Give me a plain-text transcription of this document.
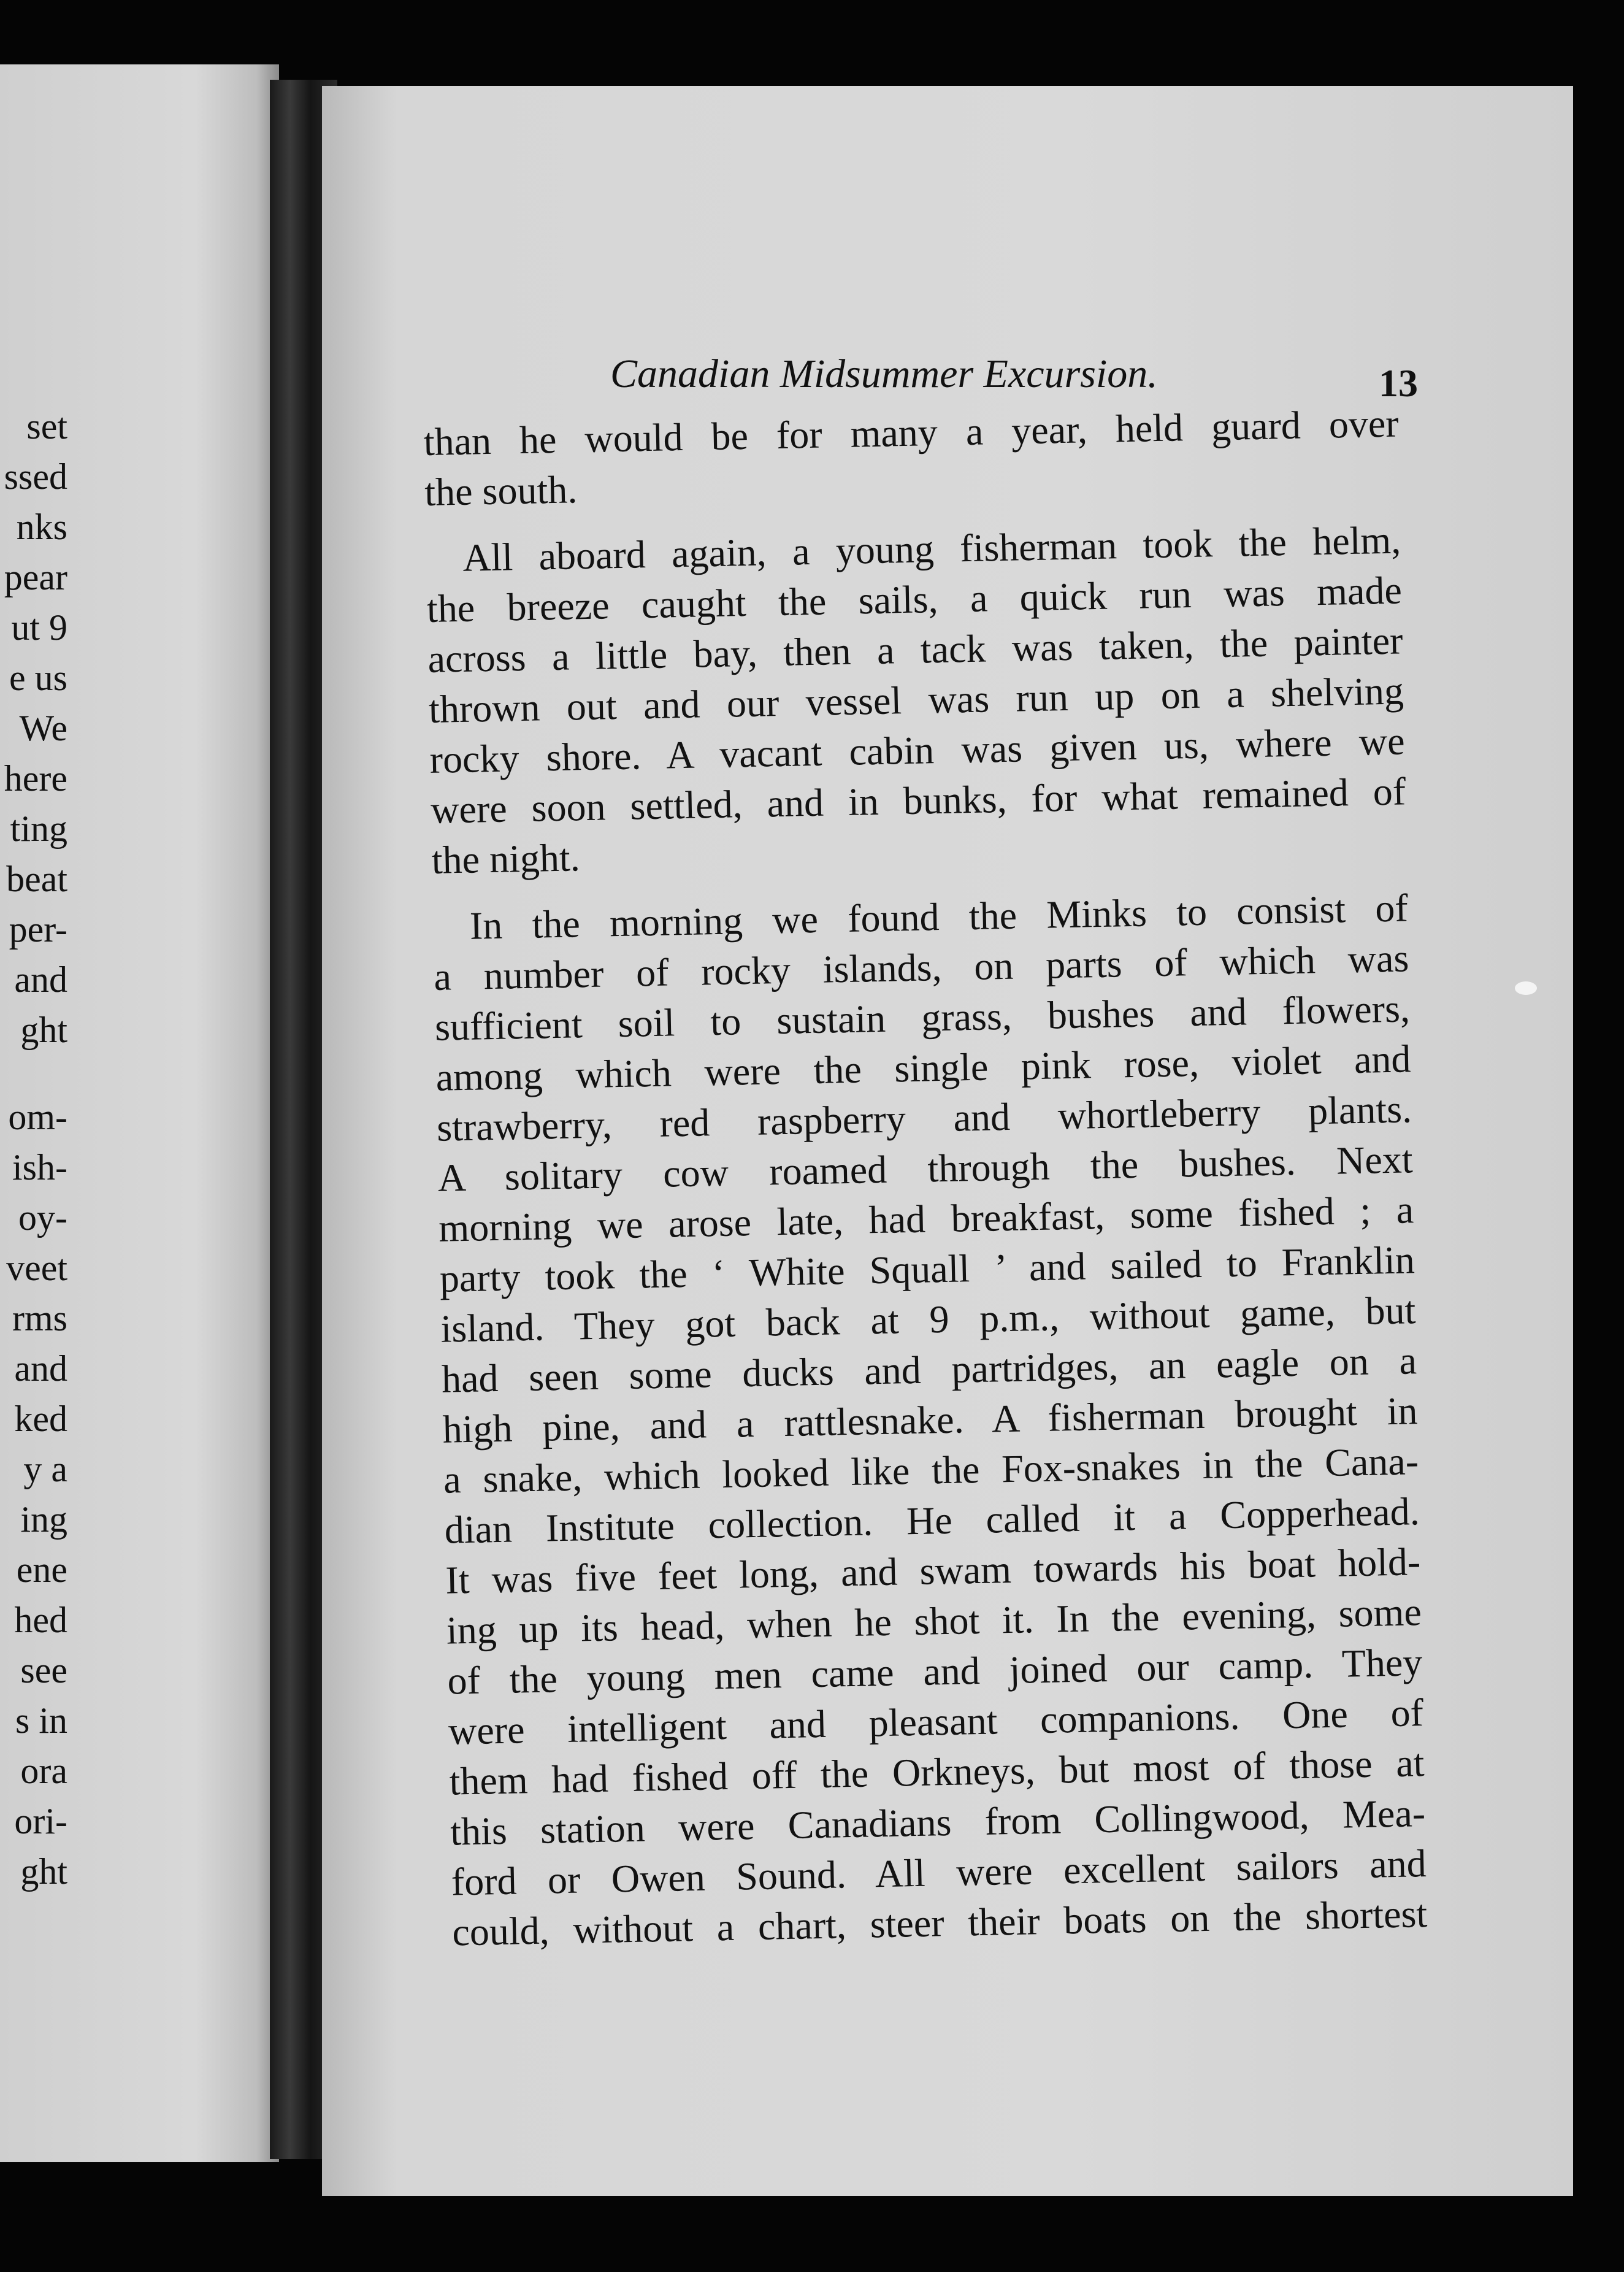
set
ssed
nks
pear
ut 9
e us
We
here
ting
beat
per-
and
ght
om-
ish-
oy-
veet
rms
and
ked
y a
ing
ene
hed
see
s in
ora
ori-
ght
Canadian Midsummer Excursion.	13
than he would be for many a year, held guard over
the south.
All aboard again, a young fisherman took the helm,
the breeze caught the sails, a quick run was made
across a little bay, then a tack was taken, the painter
thrown out and our vessel was run up on a shelving
rocky shore. A vacant cabin was given us, where we
were soon settled, and in bunks, for what remained of
the night.
In the morning we found the Minks to consist of
a number of rocky islands, on parts of which was
sufficient soil to sustain grass, bushes and flowers,
among which were the single pink rose, violet and
strawberry, red raspberry and whortleberry plants.
A solitary cow roamed through the bushes. Next
morning we arose late, had breakfast, some fished ; a
party took the ‘ White Squall ’ and sailed to Franklin
island. They got back at 9 p.m., without game, but
had seen some ducks and partridges, an eagle on a
high pine, and a rattlesnake. A fisherman brought in
a snake, which looked like the Fox-snakes in the Cana-
dian Institute collection. He called it a Copperhead.
It was five feet long, and swam towards his boat hold-
ing up its head, when he shot it. In the evening, some
of the young men came and joined our camp. They
were intelligent and pleasant companions. One of
them had fished off the Orkneys, but most of those at
this station were Canadians from Collingwood, Mea-
ford or Owen Sound. All were excellent sailors and
could, without a chart, steer their boats on the shortest
